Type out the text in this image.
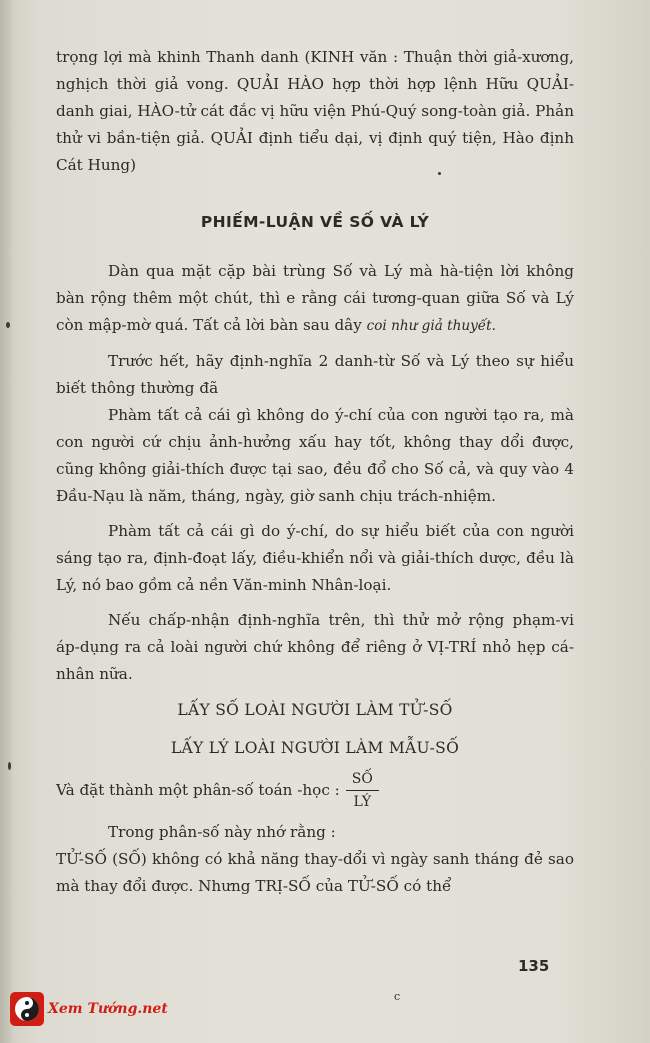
trọng lợi mà khinh Thanh danh (KINH văn : Thuận thời giả-xương, nghịch thời giả vong. QUẢI HÀO hợp thời hợp lệnh Hữu QUẢI-danh giai, HÀO-tử cát đắc vị hữu viện Phú-Quý song-toàn giả. Phản thử vi bần-tiện giả. QUẢI định tiểu dại, vị định quý tiện, Hào định Cát Hung)

PHIẾM-LUẬN VỀ SỐ VÀ LÝ

Dàn qua mặt cặp bài trùng Số và Lý mà hà-tiện lời không bàn rộng thêm một chút, thì e rằng cái tương-quan giữa Số và Lý còn mập-mờ quá. Tất cả lời bàn sau dây coi như giả thuyết.

Trước hết, hãy định-nghĩa 2 danh-từ Số và Lý theo sự hiểu biết thông thường đã

Phàm tất cả cái gì không do ý-chí của con người tạo ra, mà con người cứ chịu ảnh-hưởng xấu hay tốt, không thay dổi được, cũng không giải-thích được tại sao, đều đổ cho Số cả, và quy vào 4 Đầu-Nạu là năm, tháng, ngày, giờ sanh chịu trách-nhiệm.

Phàm tất cả cái gì do ý-chí, do sự hiểu biết của con người sáng tạo ra, định-đoạt lấy, điều-khiển nổi và giải-thích dược, đều là Lý, nó bao gồm cả nền Văn-minh Nhân-loại.

Nếu chấp-nhận định-nghĩa trên, thì thử mở rộng phạm-vi áp-dụng ra cả loài người chứ không để riêng ở VỊ-TRÍ nhỏ hẹp cá-nhân nữa.

LẤY SỐ LOÀI NGƯỜI LÀM TỬ-SỐ
LẤY LÝ LOÀI NGƯỜI LÀM MẪU-SỐ
Và đặt thành một phân-số toán -học : $\frac{\text{SỐ}}{LÝ}$

Trong phân-số này nhớ rằng :

TỬ-SỐ (SỐ) không có khả năng thay-dổi vì ngày sanh tháng đẻ sao mà thay đổi được. Nhưng TRỊ-SỐ của TỬ-SỐ có thể

135
c
Xem Tướng.net
